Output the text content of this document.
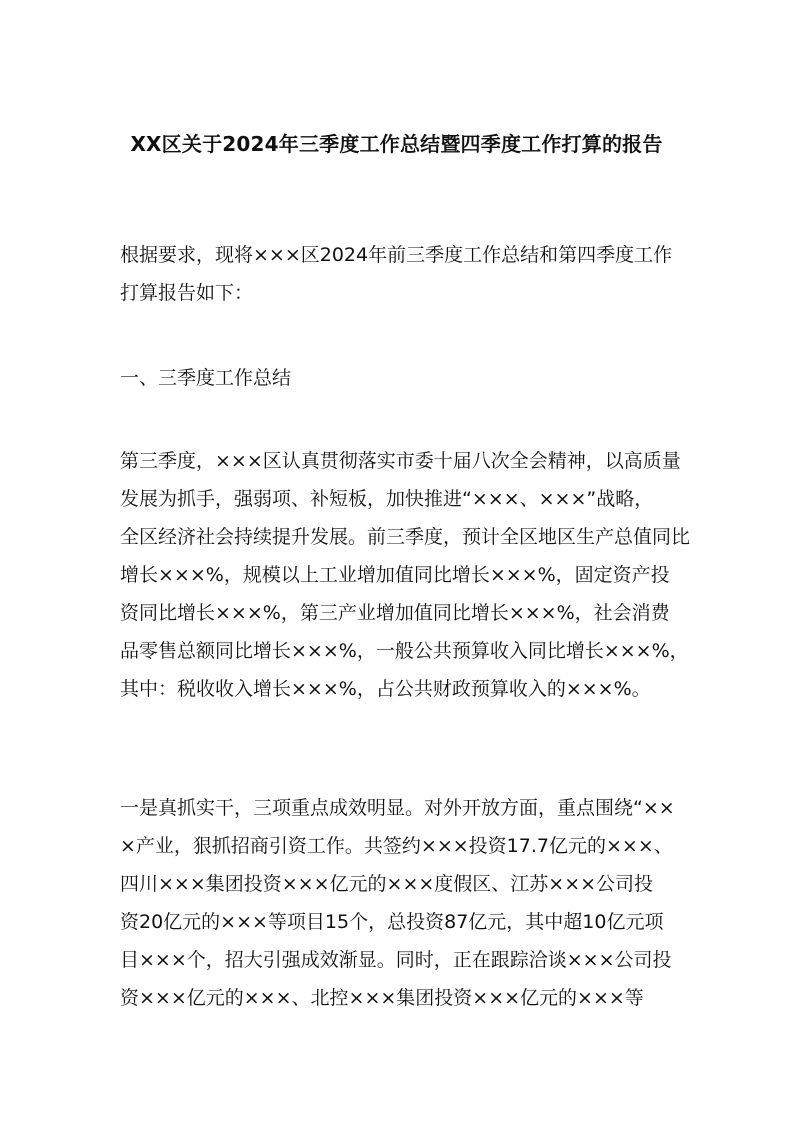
XX区关于2024年三季度工作总结暨四季度工作打算的报告
根据要求，现将×××区2024年前三季度工作总结和第四季度工作
打算报告如下：
一、三季度工作总结
第三季度，×××区认真贯彻落实市委十届八次全会精神，以高质量
发展为抓手，强弱项、补短板，加快推进“×××、×××”战略，
全区经济社会持续提升发展。前三季度，预计全区地区生产总值同比
增长×××%，规模以上工业增加值同比增长×××%，固定资产投
资同比增长×××%，第三产业增加值同比增长×××%，社会消费
品零售总额同比增长×××%，一般公共预算收入同比增长×××%，
其中：税收收入增长×××%，占公共财政预算收入的×××%。
一是真抓实干，三项重点成效明显。对外开放方面，重点围绕“××
×产业，狠抓招商引资工作。共签约×××投资17.7亿元的×××、
四川×××集团投资×××亿元的×××度假区、江苏×××公司投
资20亿元的×××等项目15个，总投资87亿元，其中超10亿元项
目×××个，招大引强成效渐显。同时，正在跟踪洽谈×××公司投
资×××亿元的×××、北控×××集团投资×××亿元的×××等
